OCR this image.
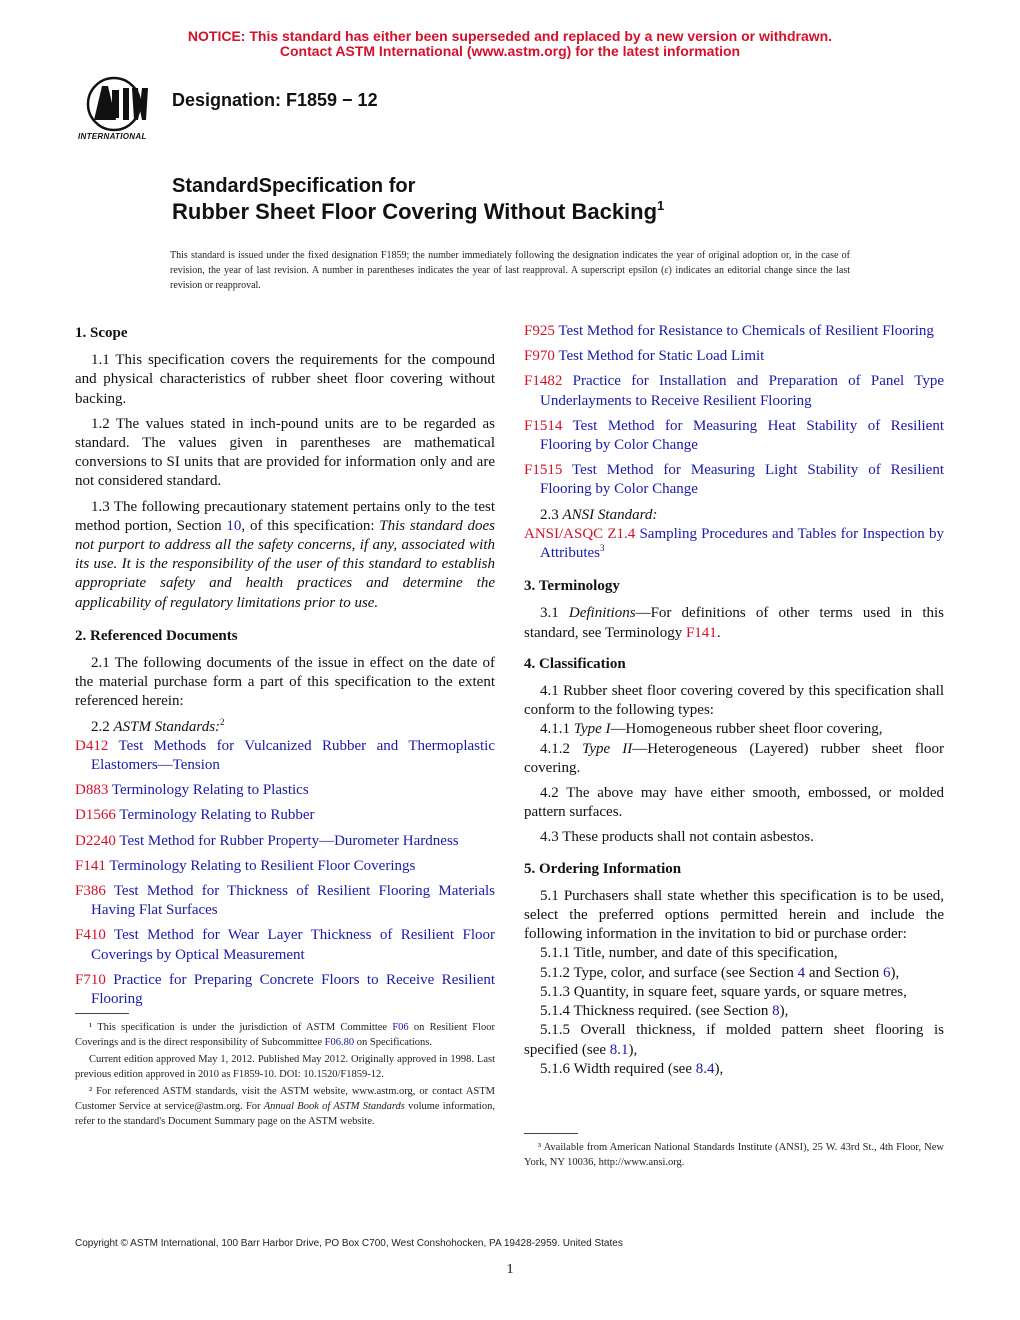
NOTICE: This standard has either been superseded and replaced by a new version or withdrawn.
Contact ASTM International (www.astm.org) for the latest information
INTERNATIONAL
Designation: F1859 − 12
StandardSpecification for
Rubber Sheet Floor Covering Without Backing$^1$
This standard is issued under the fixed designation F1859; the number immediately following the designation indicates the year of original adoption or, in the case of revision, the year of last revision. A number in parentheses indicates the year of last reapproval. A superscript epsilon (ε) indicates an editorial change since the last revision or reapproval.
1. Scope

1.1 This specification covers the requirements for the compound and physical characteristics of rubber sheet floor covering without backing.

1.2 The values stated in inch-pound units are to be regarded as standard. The values given in parentheses are mathematical conversions to SI units that are provided for information only and are not considered standard.

1.3 The following precautionary statement pertains only to the test method portion, Section 10, of this specification: This standard does not purport to address all the safety concerns, if any, associated with its use. It is the responsibility of the user of this standard to establish appropriate safety and health practices and determine the applicability of regulatory limitations prior to use.

2. Referenced Documents

2.1 The following documents of the issue in effect on the date of the material purchase form a part of this specification to the extent referenced herein:

2.2 ASTM Standards:$^2$

D412 Test Methods for Vulcanized Rubber and Thermoplastic Elastomers—Tension

D883 Terminology Relating to Plastics

D1566 Terminology Relating to Rubber

D2240 Test Method for Rubber Property—Durometer Hardness

F141 Terminology Relating to Resilient Floor Coverings

F386 Test Method for Thickness of Resilient Flooring Materials Having Flat Surfaces

F410 Test Method for Wear Layer Thickness of Resilient Floor Coverings by Optical Measurement

F710 Practice for Preparing Concrete Floors to Receive Resilient Flooring

¹ This specification is under the jurisdiction of ASTM Committee F06 on Resilient Floor Coverings and is the direct responsibility of Subcommittee F06.80 on Specifications.

Current edition approved May 1, 2012. Published May 2012. Originally approved in 1998. Last previous edition approved in 2010 as F1859-10. DOI: 10.1520/F1859-12.

² For referenced ASTM standards, visit the ASTM website, www.astm.org, or contact ASTM Customer Service at service@astm.org. For Annual Book of ASTM Standards volume information, refer to the standard's Document Summary page on the ASTM website.

F925 Test Method for Resistance to Chemicals of Resilient Flooring

F970 Test Method for Static Load Limit

F1482 Practice for Installation and Preparation of Panel Type Underlayments to Receive Resilient Flooring

F1514 Test Method for Measuring Heat Stability of Resilient Flooring by Color Change

F1515 Test Method for Measuring Light Stability of Resilient Flooring by Color Change

2.3 ANSI Standard:

ANSI/ASQC Z1.4 Sampling Procedures and Tables for Inspection by Attributes$^3$

3. Terminology

3.1 Definitions—For definitions of other terms used in this standard, see Terminology F141.

4. Classification

4.1 Rubber sheet floor covering covered by this specification shall conform to the following types:

4.1.1 Type I—Homogeneous rubber sheet floor covering,

4.1.2 Type II—Heterogeneous (Layered) rubber sheet floor covering.

4.2 The above may have either smooth, embossed, or molded pattern surfaces.

4.3 These products shall not contain asbestos.

5. Ordering Information

5.1 Purchasers shall state whether this specification is to be used, select the preferred options permitted herein and include the following information in the invitation to bid or purchase order:

5.1.1 Title, number, and date of this specification,

5.1.2 Type, color, and surface (see Section 4 and Section 6),

5.1.3 Quantity, in square feet, square yards, or square metres,

5.1.4 Thickness required. (see Section 8),

5.1.5 Overall thickness, if molded pattern sheet flooring is specified (see 8.1),

5.1.6 Width required (see 8.4),

³ Available from American National Standards Institute (ANSI), 25 W. 43rd St., 4th Floor, New York, NY 10036, http://www.ansi.org.

Copyright © ASTM International, 100 Barr Harbor Drive, PO Box C700, West Conshohocken, PA 19428-2959. United States
1
